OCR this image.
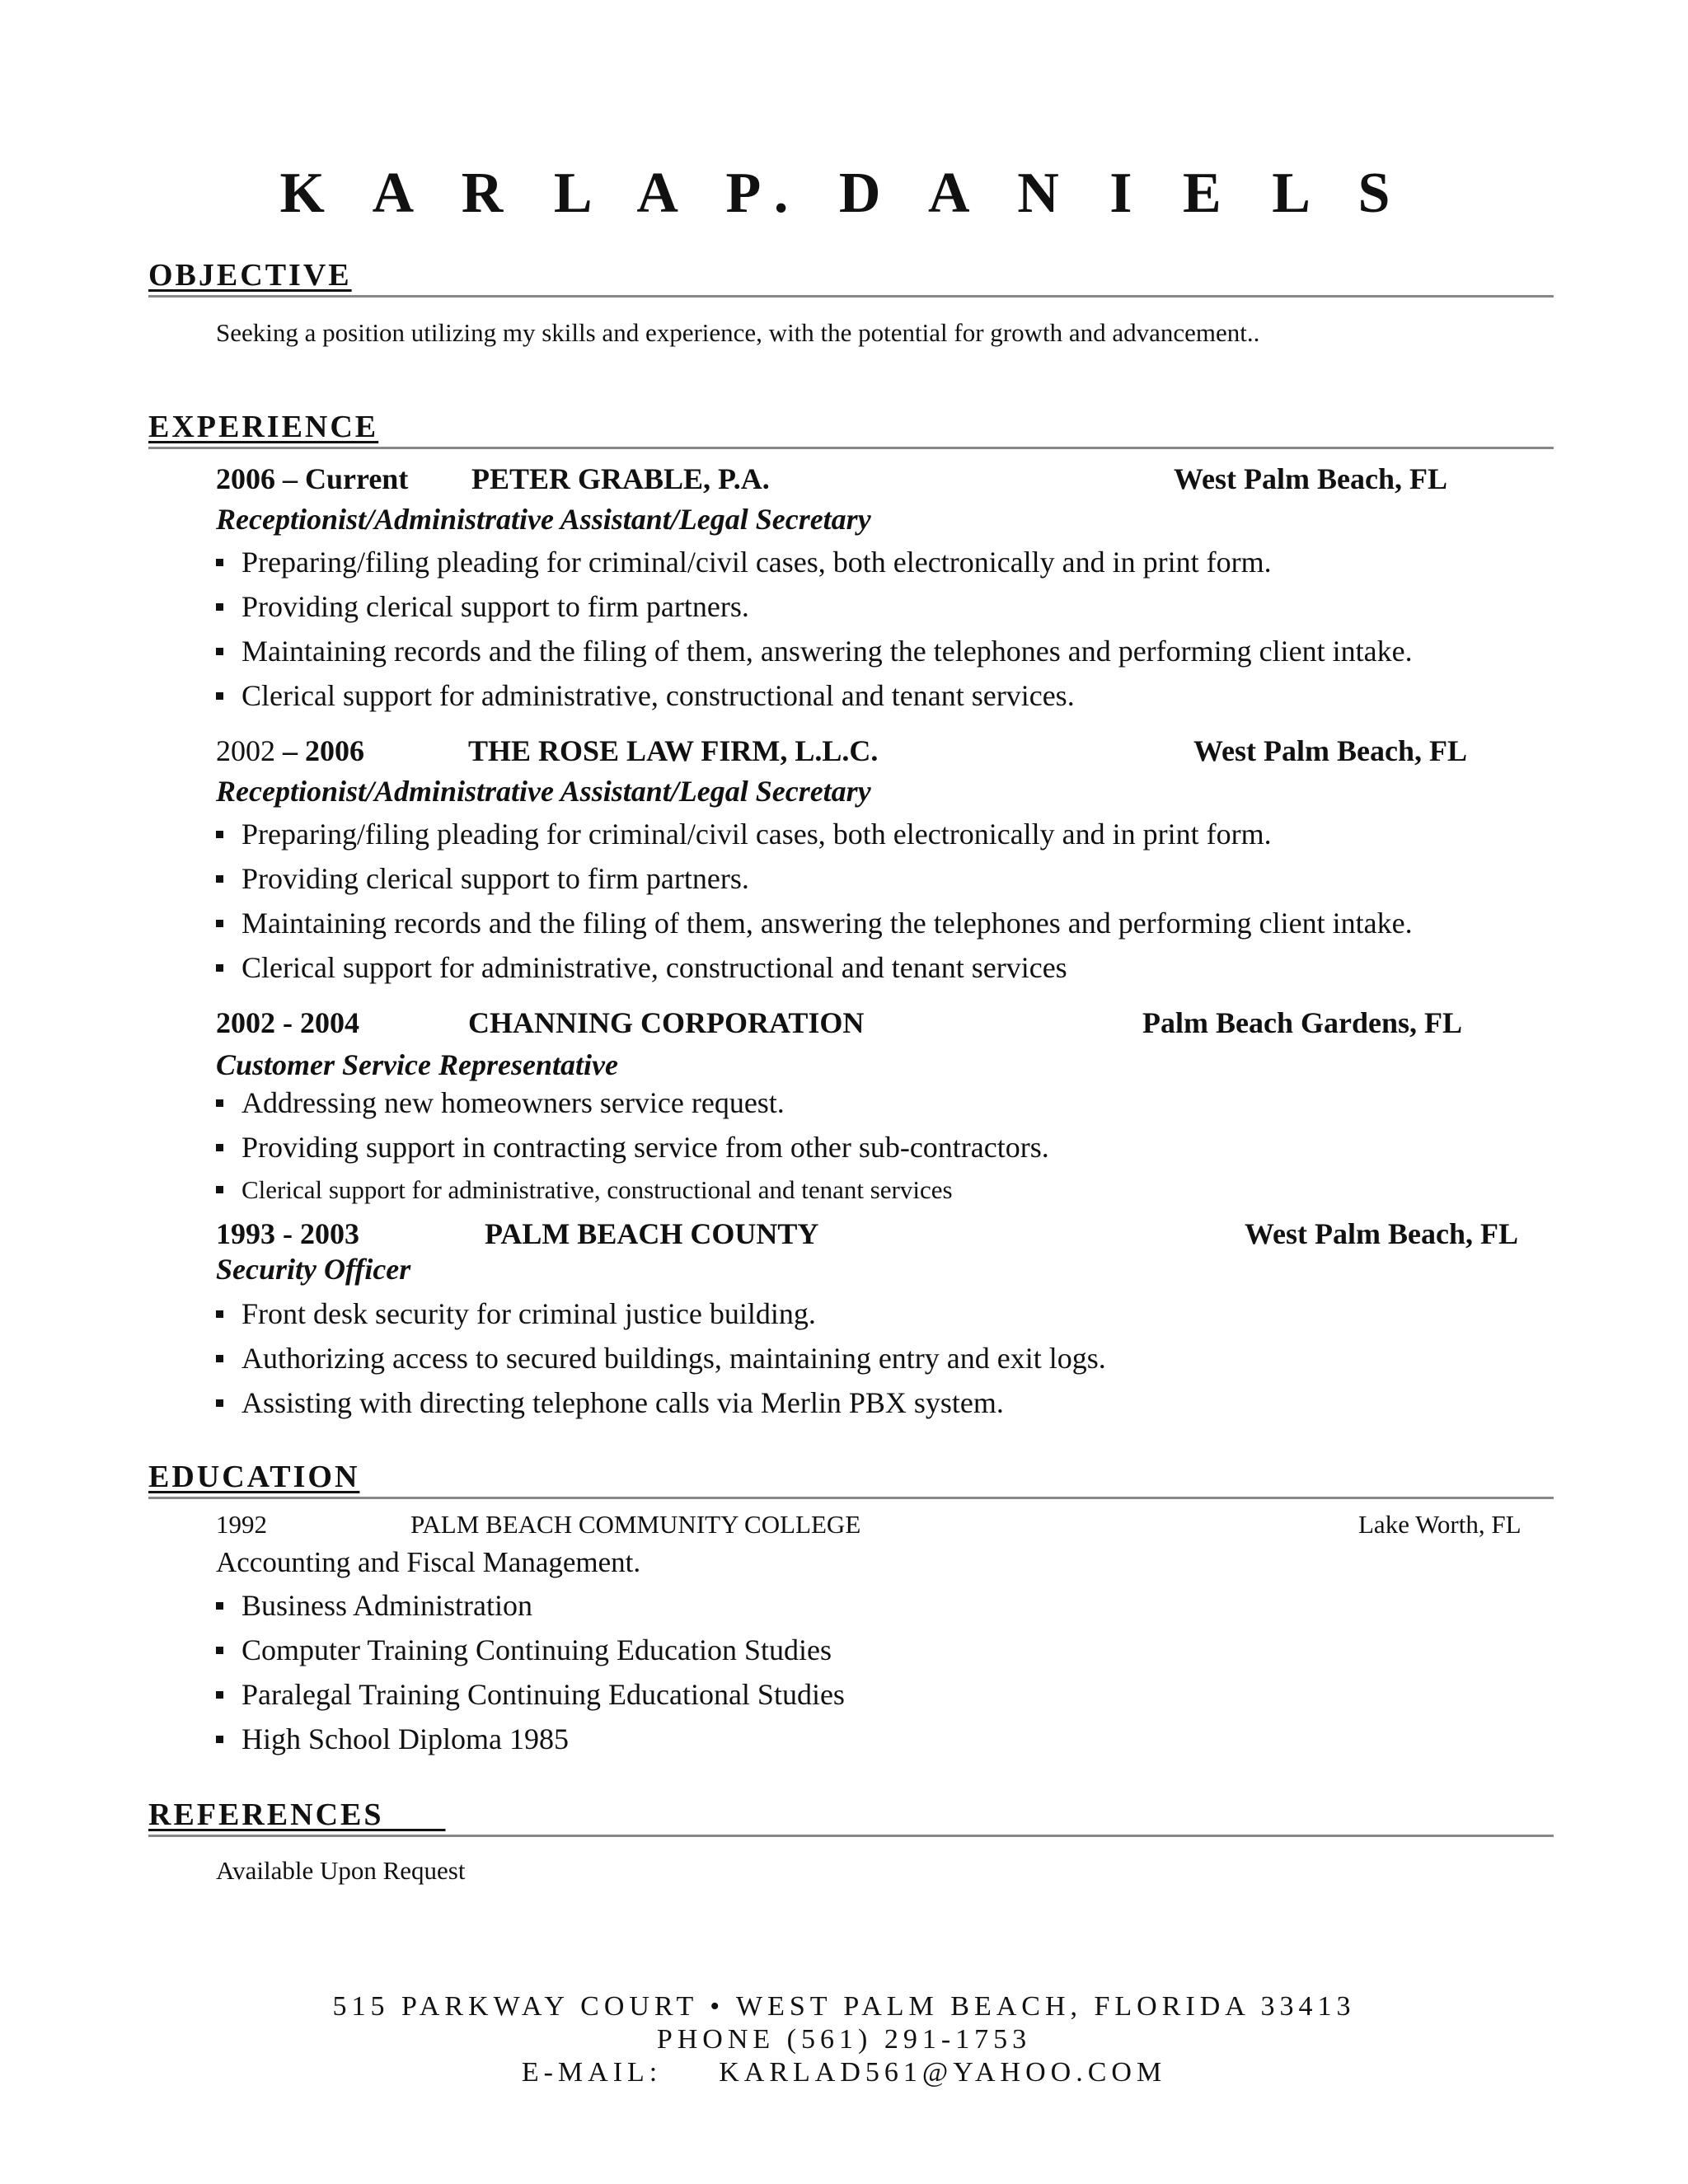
K A R L A P. D A N I E L S
OBJECTIVE
Seeking a position utilizing my skills and experience, with the potential for growth and advancement..
EXPERIENCE
2006 – Current PETER GRABLE, P.A.	West Palm Beach, FL
Receptionist/Administrative Assistant/Legal Secretary
Preparing/filing pleading for criminal/civil cases, both electronically and in print form.
Providing clerical support to firm partners.
Maintaining records and the filing of them, answering the telephones and performing client intake.
Clerical support for administrative, constructional and tenant services.
2002 – 2006	THE ROSE LAW FIRM, L.L.C.	West Palm Beach, FL
Receptionist/Administrative Assistant/Legal Secretary
Preparing/filing pleading for criminal/civil cases, both electronically and in print form.
Providing clerical support to firm partners.
Maintaining records and the filing of them, answering the telephones and performing client intake.
Clerical support for administrative, constructional and tenant services
2002 - 2004	CHANNING CORPORATION	Palm Beach Gardens, FL
Customer Service Representative
Addressing new homeowners service request.
Providing support in contracting service from other sub-contractors.
Clerical support for administrative, constructional and tenant services
1993 - 2003	PALM BEACH COUNTY	West Palm Beach, FL
Security Officer
Front desk security for criminal justice building.
Authorizing access to secured buildings, maintaining entry and exit logs.
Assisting with directing telephone calls via Merlin PBX system.
EDUCATION
1992	PALM BEACH COMMUNITY COLLEGE	Lake Worth, FL
Accounting and Fiscal Management.
Business Administration
Computer Training Continuing Education Studies
Paralegal Training Continuing Educational Studies
High School Diploma 1985
REFERENCES
Available Upon Request
515 PARKWAY COURT • WEST PALM BEACH, FLORIDA 33413
PHONE (561) 291-1753
E-MAIL: KARLAD561@YAHOO.COM
